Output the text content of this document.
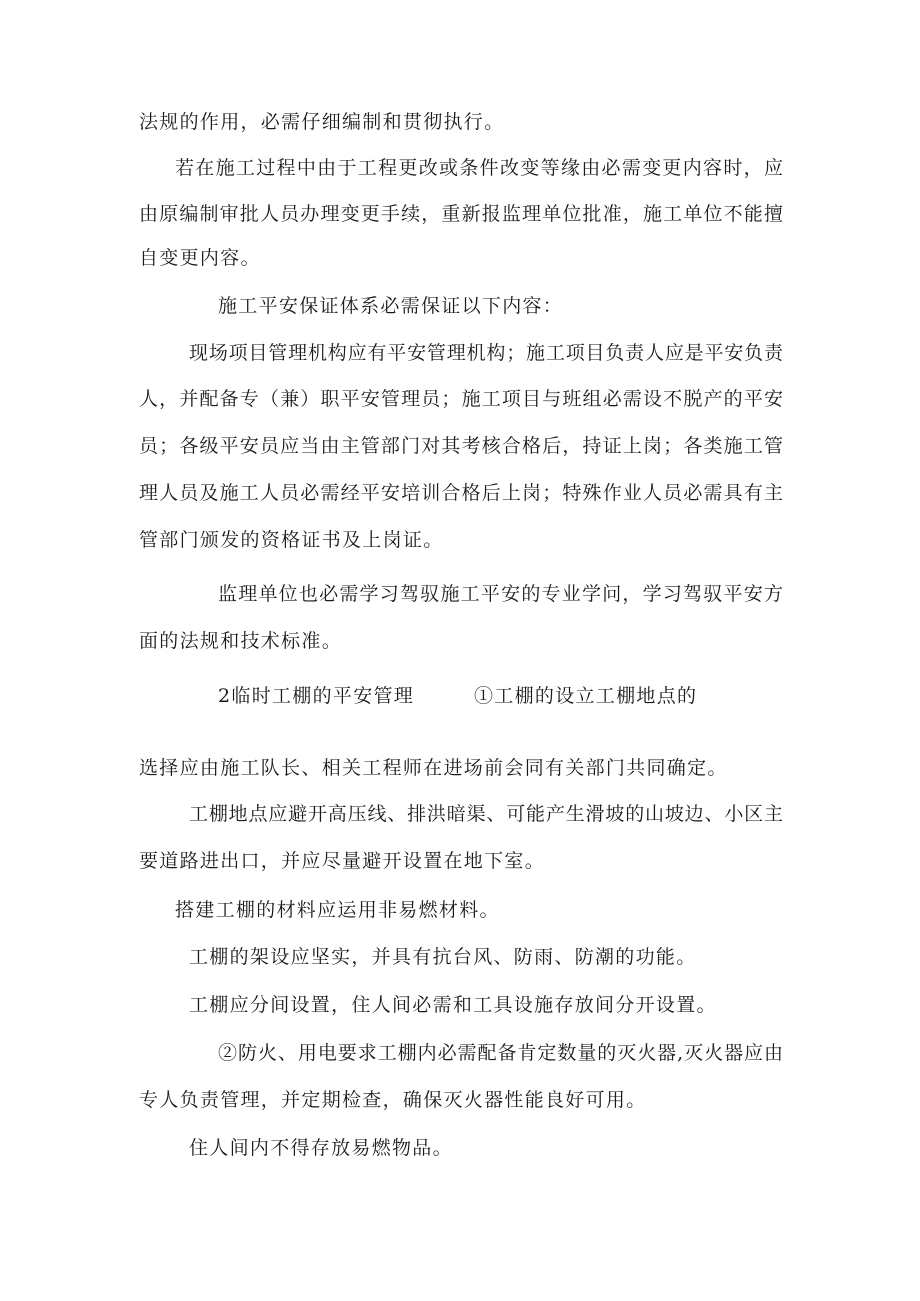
法规的作用，必需仔细编制和贯彻执行。
若在施工过程中由于工程更改或条件改变等缘由必需变更内容时，应
由原编制审批人员办理变更手续，重新报监理单位批准，施工单位不能擅
自变更内容。
施工平安保证体系必需保证以下内容：
现场项目管理机构应有平安管理机构；施工项目负责人应是平安负责
人，并配备专（兼）职平安管理员；施工项目与班组必需设不脱产的平安
员；各级平安员应当由主管部门对其考核合格后，持证上岗；各类施工管
理人员及施工人员必需经平安培训合格后上岗；特殊作业人员必需具有主
管部门颁发的资格证书及上岗证。
监理单位也必需学习驾驭施工平安的专业学问，学习驾驭平安方
面的法规和技术标准。
2临时工棚的平安管理	①工棚的设立工棚地点的
选择应由施工队长、相关工程师在进场前会同有关部门共同确定。
工棚地点应避开高压线、排洪暗渠、可能产生滑坡的山坡边、小区主
要道路进出口，并应尽量避开设置在地下室。
搭建工棚的材料应运用非易燃材料。
工棚的架设应坚实，并具有抗台风、防雨、防潮的功能。
工棚应分间设置，住人间必需和工具设施存放间分开设置。
②防火、用电要求工棚内必需配备肯定数量的灭火器,灭火器应由
专人负责管理，并定期检查，确保灭火器性能良好可用。
住人间内不得存放易燃物品。
